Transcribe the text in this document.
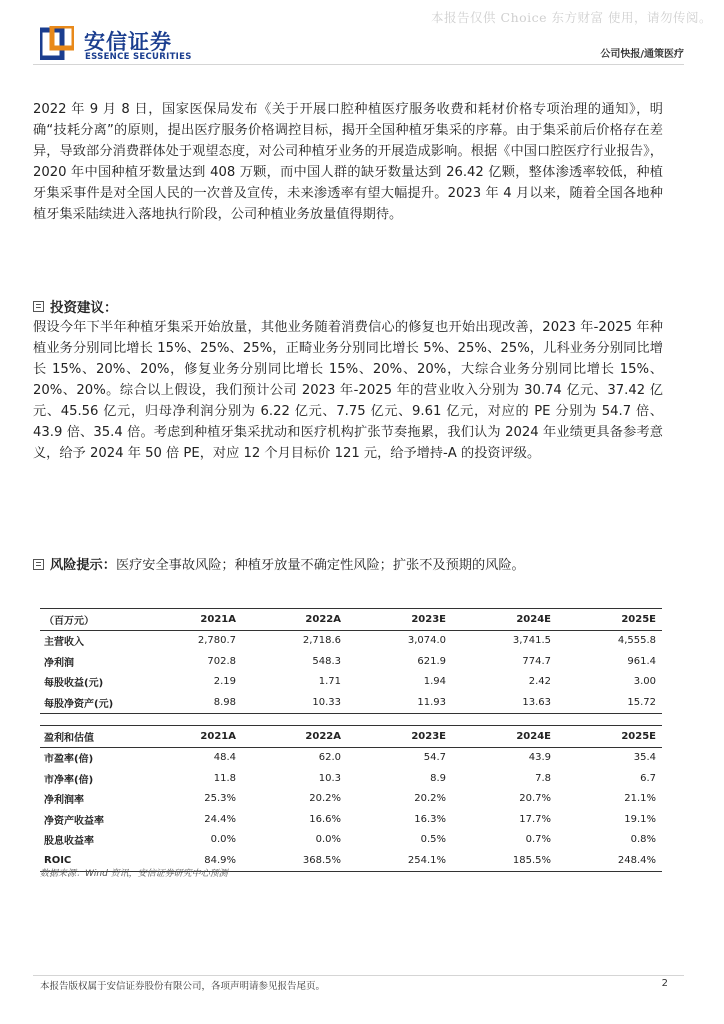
本报告仅供 Choice 东方财富 使用，请勿传阅。
安信证券
ESSENCE SECURITIES	公司快报/通策医疗
2022 年 9 月 8 日，国家医保局发布《关于开展口腔种植医疗服务收费和耗材价格专项治理的通知》，明确“技耗分离”的原则，提出医疗服务价格调控目标，揭开全国种植牙集采的序幕。由于集采前后价格存在差异，导致部分消费群体处于观望态度，对公司种植牙业务的开展造成影响。根据《中国口腔医疗行业报告》，2020 年中国种植牙数量达到 408 万颗，而中国人群的缺牙数量达到 26.42 亿颗，整体渗透率较低，种植牙集采事件是对全国人民的一次普及宣传，未来渗透率有望大幅提升。2023 年 4 月以来，随着全国各地种植牙集采陆续进入落地执行阶段，公司种植业务放量值得期待。
投资建议：
假设今年下半年种植牙集采开始放量，其他业务随着消费信心的修复也开始出现改善，2023 年-2025 年种植业务分别同比增长 15%、25%、25%，正畸业务分别同比增长 5%、25%、25%，儿科业务分别同比增长 15%、20%、20%，修复业务分别同比增长 15%、20%、20%，大综合业务分别同比增长 15%、20%、20%。综合以上假设，我们预计公司 2023 年-2025 年的营业收入分别为 30.74 亿元、37.42 亿元、45.56 亿元，归母净利润分别为 6.22 亿元、7.75 亿元、9.61 亿元，对应的 PE 分别为 54.7 倍、43.9 倍、35.4 倍。考虑到种植牙集采扰动和医疗机构扩张节奏拖累，我们认为 2024 年业绩更具备参考意义，给予 2024 年 50 倍 PE，对应 12 个月目标价 121 元，给予增持-A 的投资评级。
风险提示：医疗安全事故风险；种植牙放量不确定性风险；扩张不及预期的风险。
（百万元）	2021A	2022A	2023E	2024E	2025E
主营收入	2,780.7	2,718.6	3,074.0	3,741.5	4,555.8
净利润	702.8	548.3	621.9	774.7	961.4
每股收益(元)	2.19	1.71	1.94	2.42	3.00
每股净资产(元)	8.98	10.33	11.93	13.63	15.72
盈利和估值	2021A	2022A	2023E	2024E	2025E
市盈率(倍)	48.4	62.0	54.7	43.9	35.4
市净率(倍)	11.8	10.3	8.9	7.8	6.7
净利润率	25.3%	20.2%	20.2%	20.7%	21.1%
净资产收益率	24.4%	16.6%	16.3%	17.7%	19.1%
股息收益率	0.0%	0.0%	0.5%	0.7%	0.8%
ROIC	84.9%	368.5%	254.1%	185.5%	248.4%
数据来源：Wind 资讯，安信证券研究中心预测
本报告版权属于安信证券股份有限公司，各项声明请参见报告尾页。	2
